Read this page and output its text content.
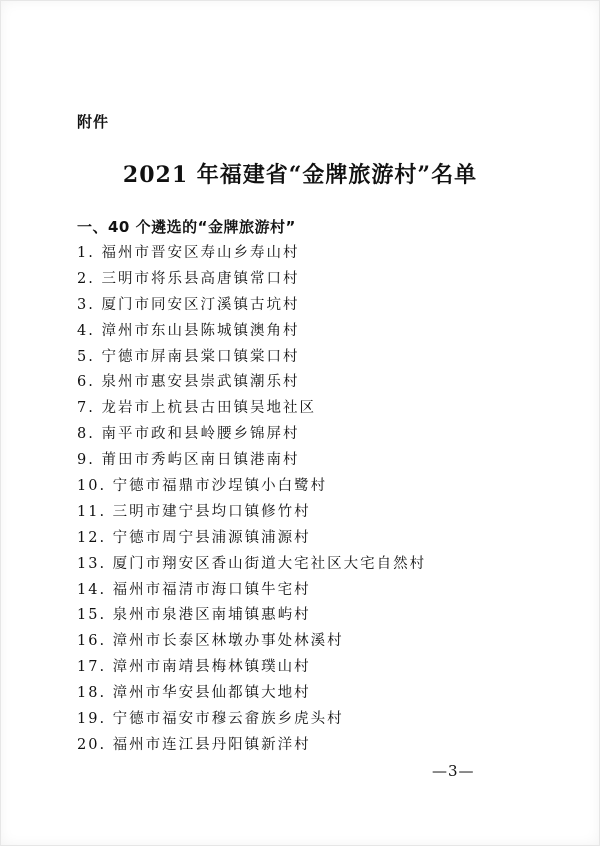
附件
2021 年福建省“金牌旅游村”名单
一、40 个遴选的“金牌旅游村”
1. 福州市晋安区寿山乡寿山村
2. 三明市将乐县高唐镇常口村
3. 厦门市同安区汀溪镇古坑村
4. 漳州市东山县陈城镇澳角村
5. 宁德市屏南县棠口镇棠口村
6. 泉州市惠安县崇武镇潮乐村
7. 龙岩市上杭县古田镇吴地社区
8. 南平市政和县岭腰乡锦屏村
9. 莆田市秀屿区南日镇港南村
10. 宁德市福鼎市沙埕镇小白鹭村
11. 三明市建宁县均口镇修竹村
12. 宁德市周宁县浦源镇浦源村
13. 厦门市翔安区香山街道大宅社区大宅自然村
14. 福州市福清市海口镇牛宅村
15. 泉州市泉港区南埔镇惠屿村
16. 漳州市长泰区林墩办事处林溪村
17. 漳州市南靖县梅林镇璞山村
18. 漳州市华安县仙都镇大地村
19. 宁德市福安市穆云畲族乡虎头村
20. 福州市连江县丹阳镇新洋村
—3—
